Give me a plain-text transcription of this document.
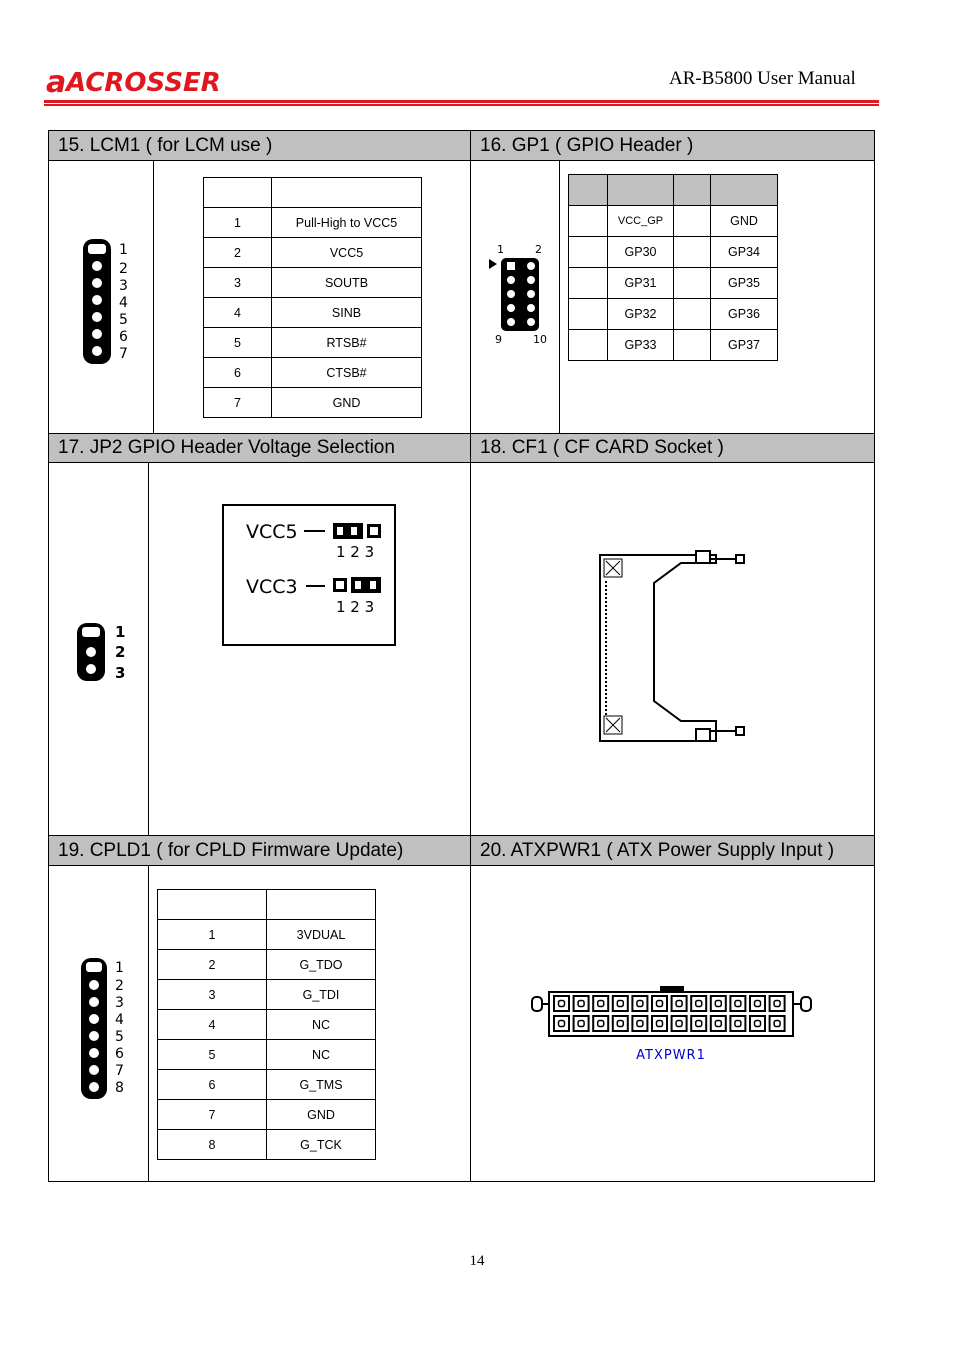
a ACROSSER	AR-B5800 User Manual
15. LCM1 ( for LCM use )	16. GP1 ( GPIO Header )
1
2
3
4
5
6
7

1	Pull-High to VCC5
2	VCC5
3	SOUTB
4	SINB
5	RTSB#
6	CTSB#
7	GND
1	2
9	10

	VCC_GP		GND
	GP30		GP34
	GP31		GP35
	GP32		GP36
	GP33		GP37
17. JP2 GPIO Header Voltage Selection	18. CF1 ( CF CARD Socket )
1
2
3
VCC5
VCC3
1 2 3
1 2 3
19. CPLD1 ( for CPLD Firmware Update)	20. ATXPWR1 ( ATX Power Supply Input )
1
2
3
4
5
6
7
8

1	3VDUAL
2	G_TDO
3	G_TDI
4	NC
5	NC
6	G_TMS
7	GND
8	G_TCK
ATXPWR1
14
